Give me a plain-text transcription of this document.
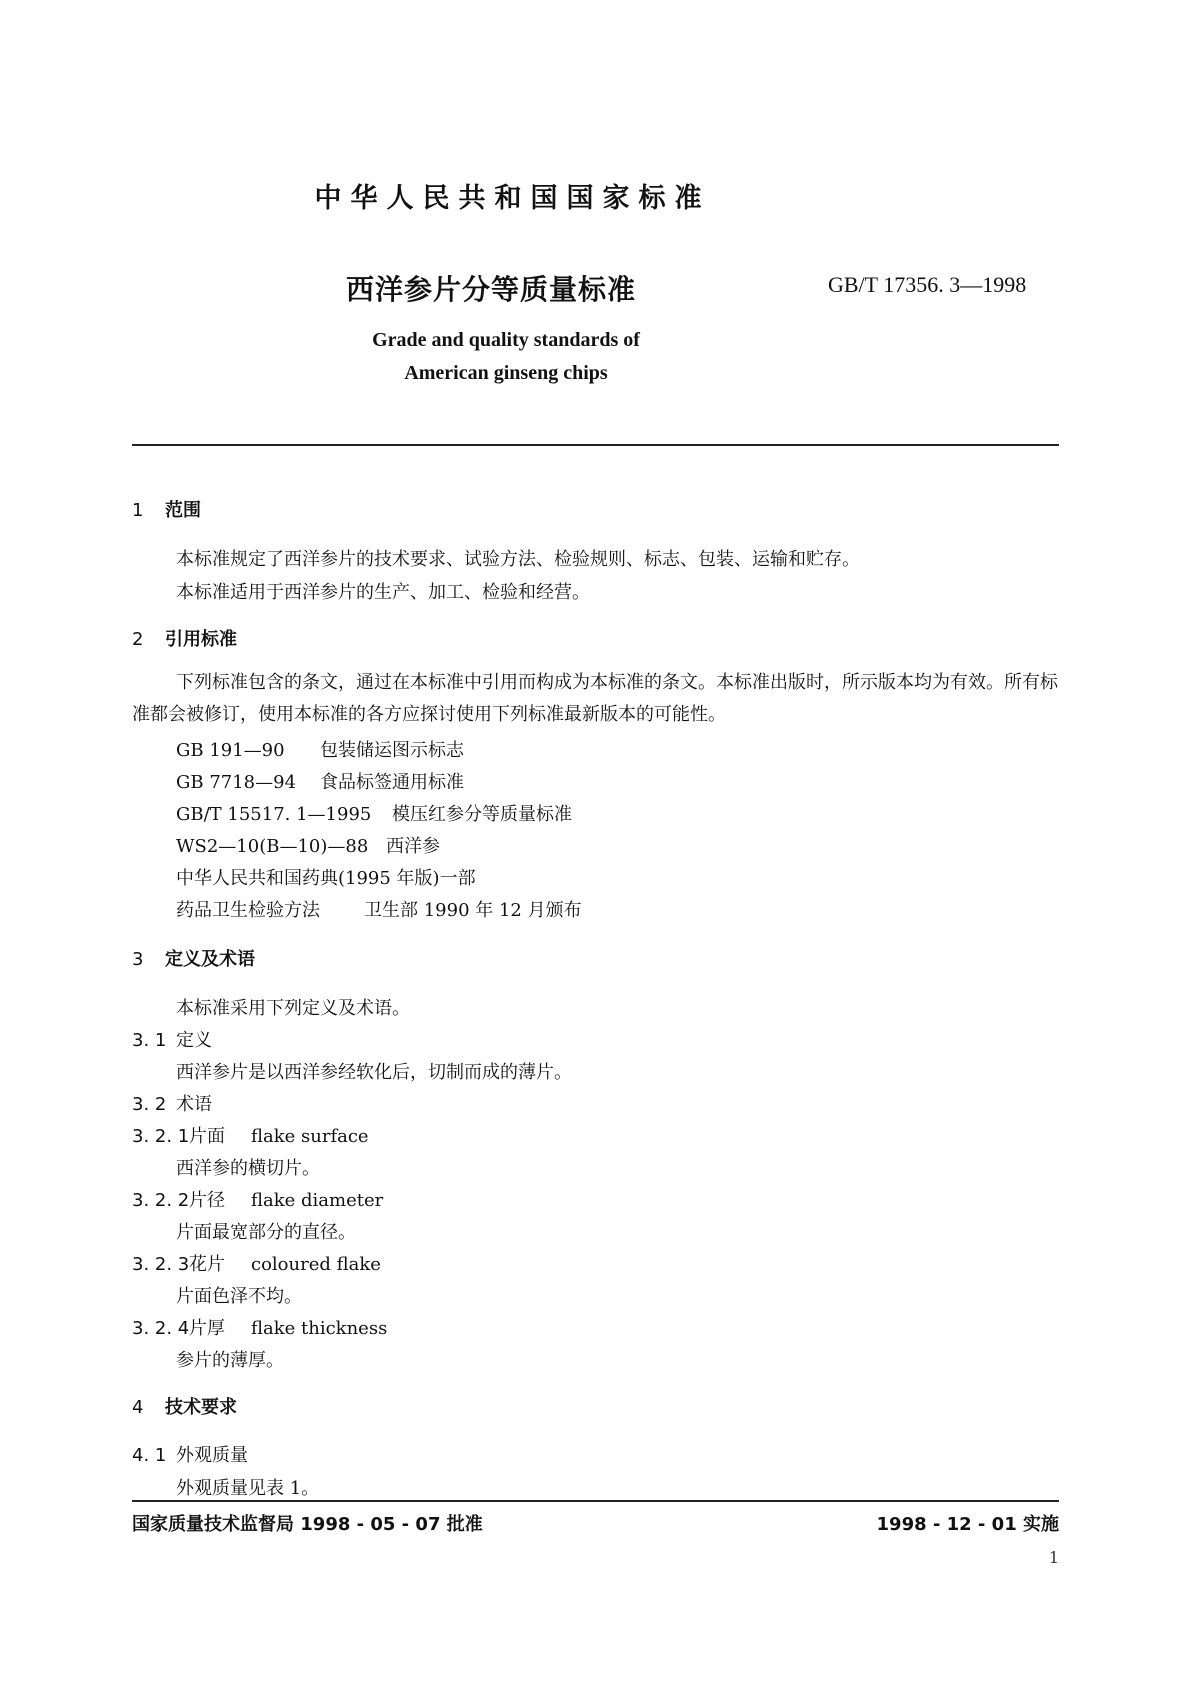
中华人民共和国国家标准
西洋参片分等质量标准	GB/T 17356. 3—1998
Grade and quality standards of
American ginseng chips
1 范围
本标准规定了西洋参片的技术要求、试验方法、检验规则、标志、包装、运输和贮存。
本标准适用于西洋参片的生产、加工、检验和经营。
2 引用标准
下列标准包含的条文，通过在本标准中引用而构成为本标准的条文。本标准出版时，所示版本均为有效。所有标准都会被修订，使用本标准的各方应探讨使用下列标准最新版本的可能性。
GB 191—90 包装储运图示标志
GB 7718—94 食品标签通用标准
GB/T 15517. 1—1995 模压红参分等质量标准
WS2—10(B—10)—88 西洋参
中华人民共和国药典(1995 年版)一部
药品卫生检验方法 卫生部 1990 年 12 月颁布
3 定义及术语
本标准采用下列定义及术语。
3. 1 定义
西洋参片是以西洋参经软化后，切制而成的薄片。
3. 2 术语
3. 2. 1片面 flake surface
西洋参的横切片。
3. 2. 2片径 flake diameter
片面最宽部分的直径。
3. 2. 3花片 coloured flake
片面色泽不均。
3. 2. 4片厚 flake thickness
参片的薄厚。
4 技术要求
4. 1 外观质量
外观质量见表 1。
国家质量技术监督局 1998 - 05 - 07 批准	1998 - 12 - 01 实施
1
